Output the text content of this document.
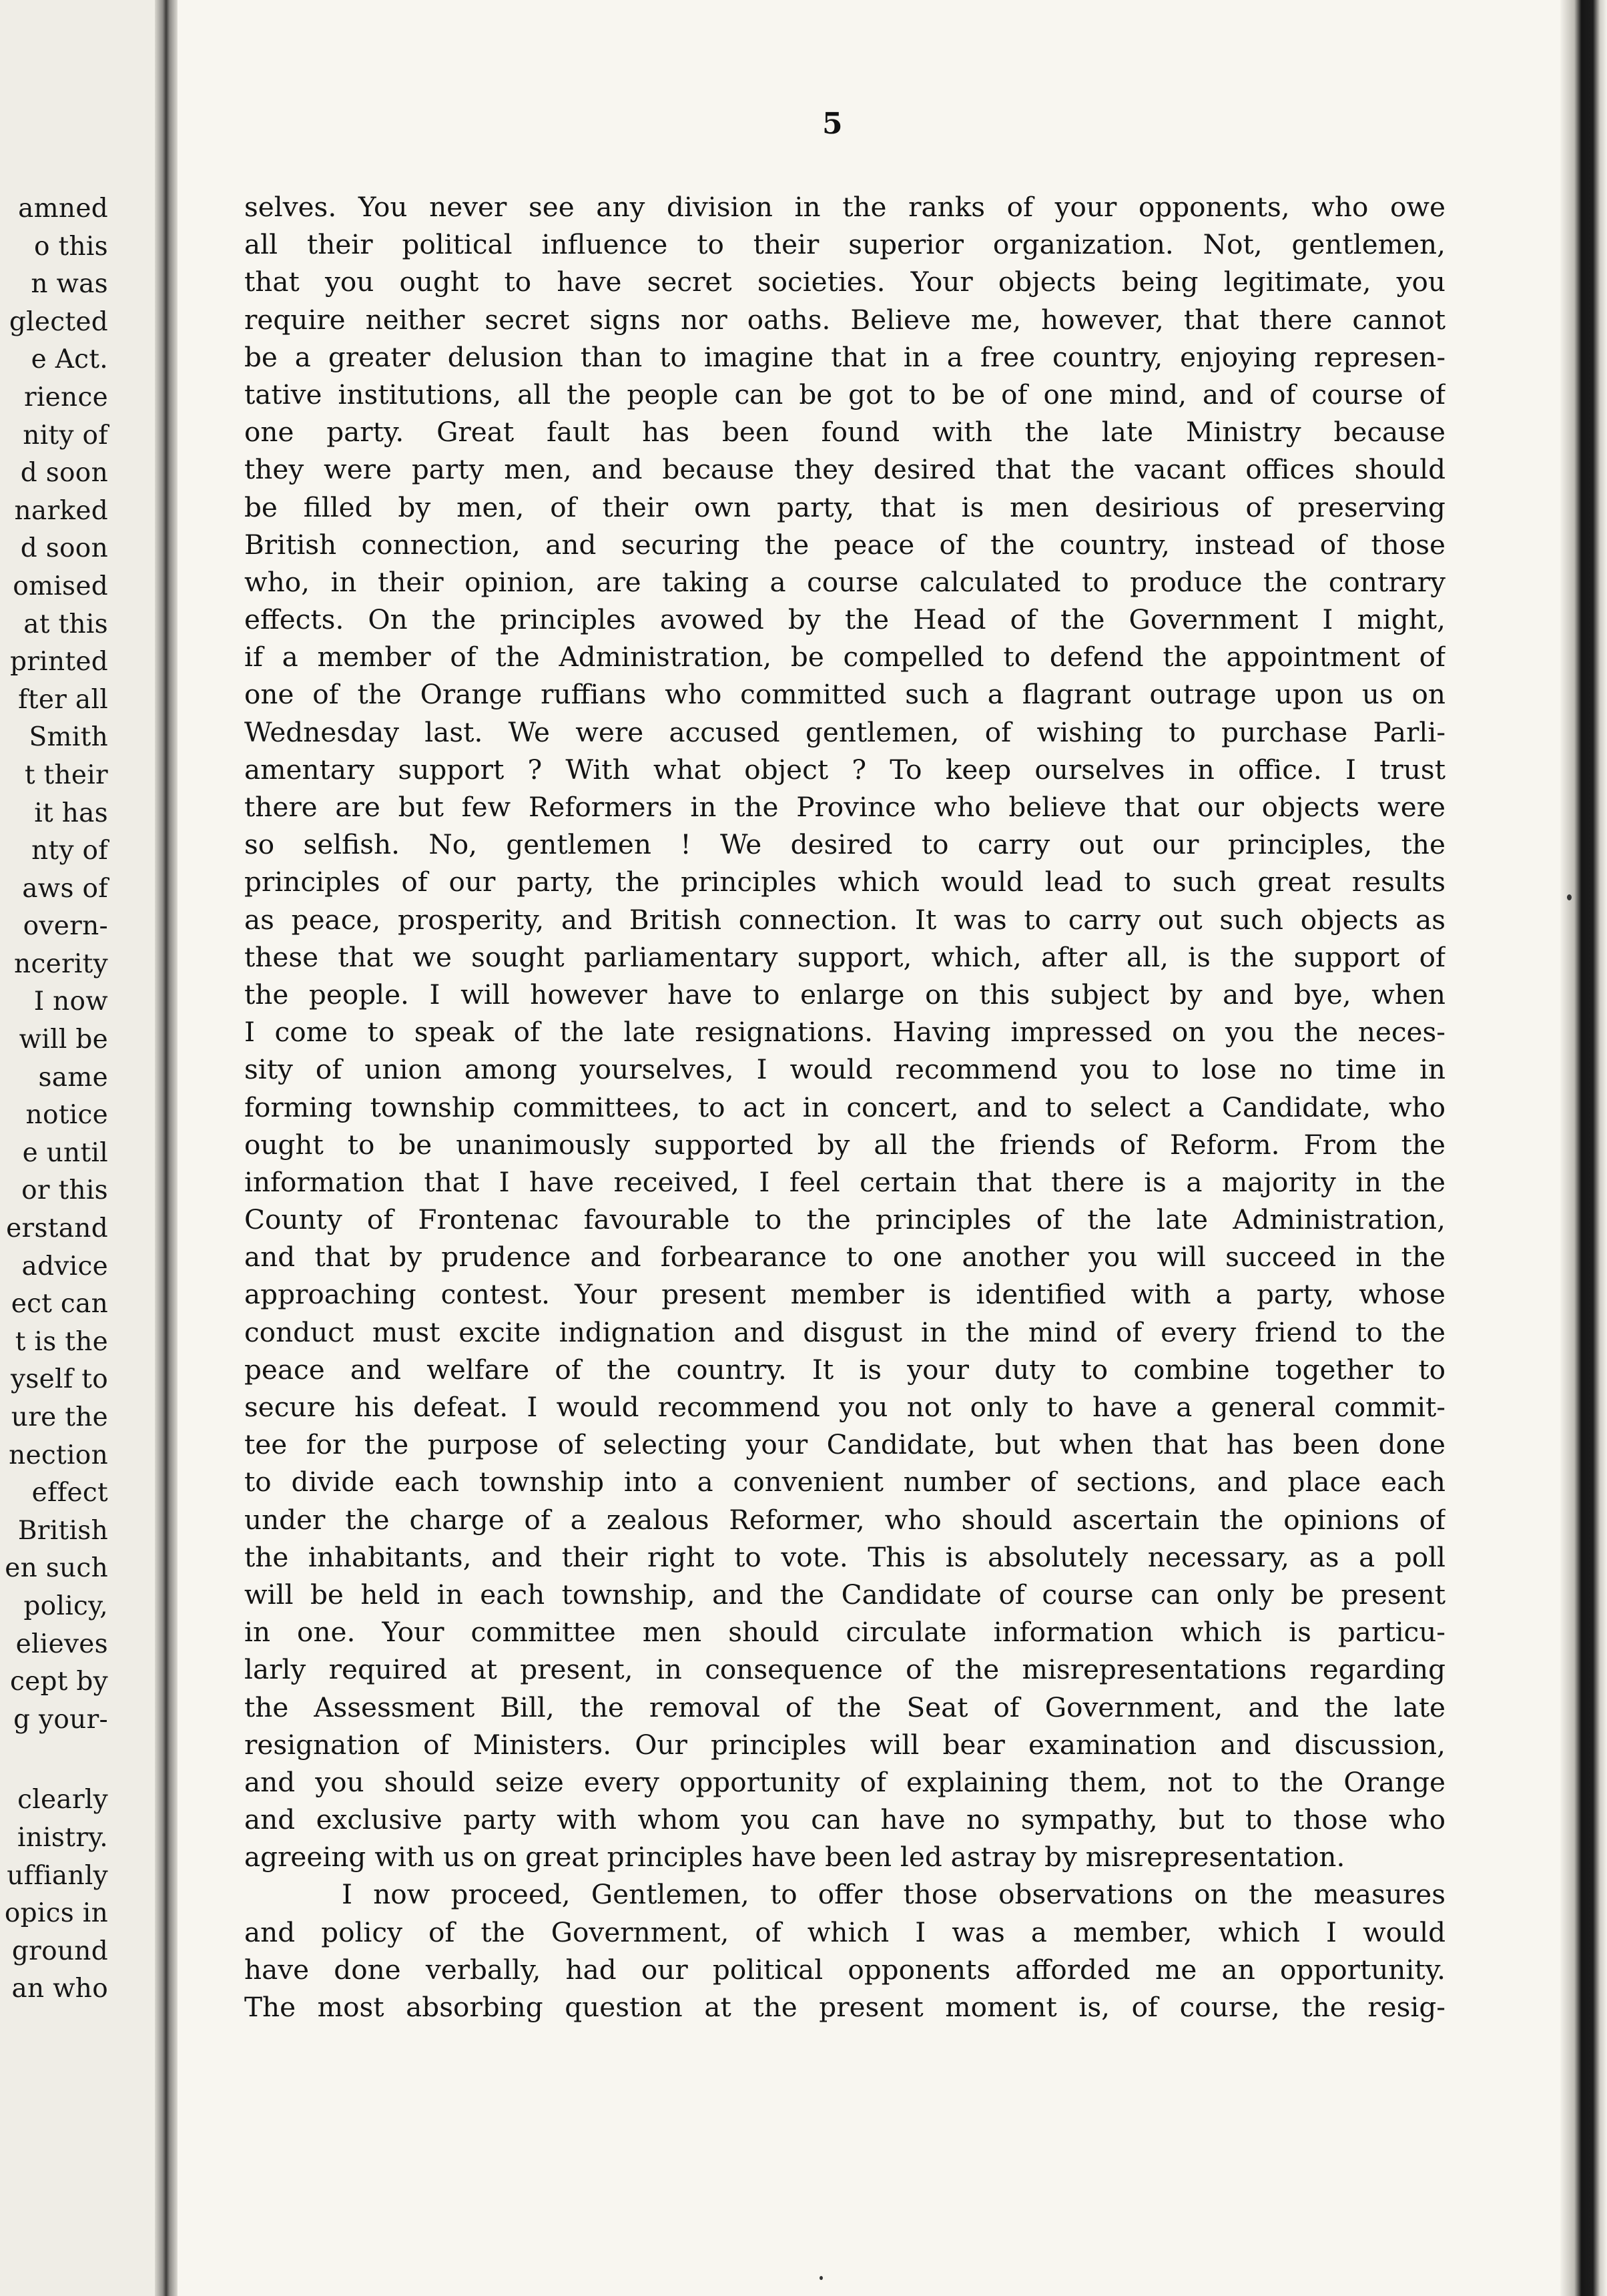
amned
o this
n was
glected
e Act.
rience
nity of
d soon
narked
d soon
omised
at this
printed
fter all
Smith
t their
it has
nty of
aws of
overn-
ncerity
I now
will be
same
notice
e until
or this
erstand
advice
ect can
t is the
yself to
ure the
nection
effect
British
en such
policy,
elieves
cept by
g your-
clearly
inistry.
uffianly
opics in
ground
an who
5
selves. You never see any division in the ranks of your opponents, who owe
all their political influence to their superior organization. Not, gentlemen,
that you ought to have secret societies. Your objects being legitimate, you
require neither secret signs nor oaths. Believe me, however, that there cannot
be a greater delusion than to imagine that in a free country, enjoying represen-
tative institutions, all the people can be got to be of one mind, and of course of
one party. Great fault has been found with the late Ministry because
they were party men, and because they desired that the vacant offices should
be filled by men, of their own party, that is men desirious of preserving
British connection, and securing the peace of the country, instead of those
who, in their opinion, are taking a course calculated to produce the contrary
effects. On the principles avowed by the Head of the Government I might,
if a member of the Administration, be compelled to defend the appointment of
one of the Orange ruffians who committed such a flagrant outrage upon us on
Wednesday last. We were accused gentlemen, of wishing to purchase Parli-
amentary support ? With what object ? To keep ourselves in office. I trust
there are but few Reformers in the Province who believe that our objects were
so selfish. No, gentlemen ! We desired to carry out our principles, the
principles of our party, the principles which would lead to such great results
as peace, prosperity, and British connection. It was to carry out such objects as
these that we sought parliamentary support, which, after all, is the support of
the people. I will however have to enlarge on this subject by and bye, when
I come to speak of the late resignations. Having impressed on you the neces-
sity of union among yourselves, I would recommend you to lose no time in
forming township committees, to act in concert, and to select a Candidate, who
ought to be unanimously supported by all the friends of Reform. From the
information that I have received, I feel certain that there is a majority in the
County of Frontenac favourable to the principles of the late Administration,
and that by prudence and forbearance to one another you will succeed in the
approaching contest. Your present member is identified with a party, whose
conduct must excite indignation and disgust in the mind of every friend to the
peace and welfare of the country. It is your duty to combine together to
secure his defeat. I would recommend you not only to have a general commit-
tee for the purpose of selecting your Candidate, but when that has been done
to divide each township into a convenient number of sections, and place each
under the charge of a zealous Reformer, who should ascertain the opinions of
the inhabitants, and their right to vote. This is absolutely necessary, as a poll
will be held in each township, and the Candidate of course can only be present
in one. Your committee men should circulate information which is particu-
larly required at present, in consequence of the misrepresentations regarding
the Assessment Bill, the removal of the Seat of Government, and the late
resignation of Ministers. Our principles will bear examination and discussion,
and you should seize every opportunity of explaining them, not to the Orange
and exclusive party with whom you can have no sympathy, but to those who
agreeing with us on great principles have been led astray by misrepresentation.
I now proceed, Gentlemen, to offer those observations on the measures
and policy of the Government, of which I was a member, which I would
have done verbally, had our political opponents afforded me an opportunity.
The most absorbing question at the present moment is, of course, the resig-
